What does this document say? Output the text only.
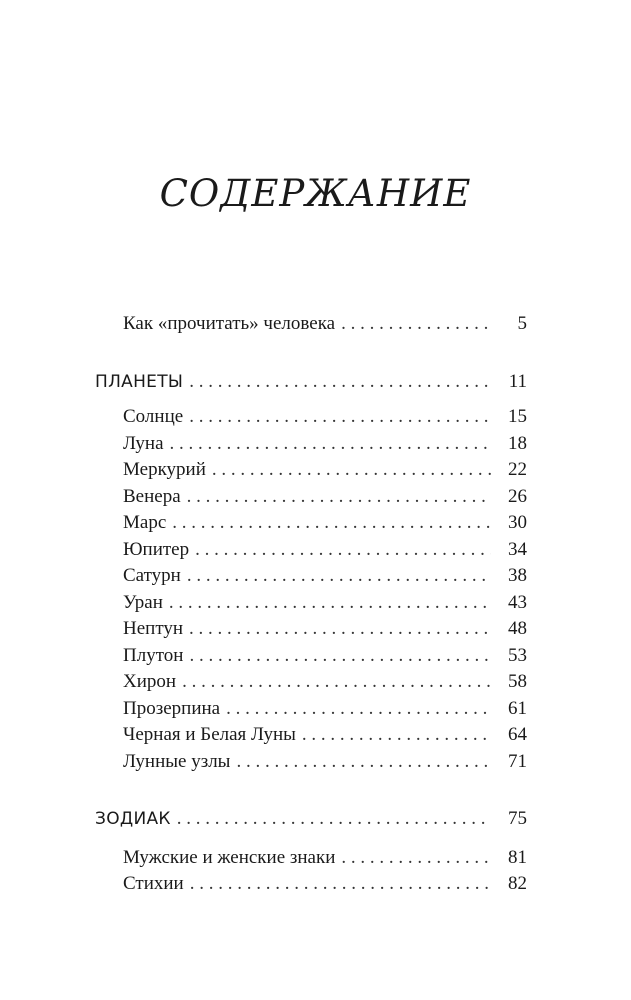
СОДЕРЖАНИЕ
Как «прочитать» человека . . .	5
ПЛАНЕТЫ . . .	11
Солнце . . .	15
Луна . . .	18
Меркурий . . .	22
Венера . . .	26
Марс . . .	30
Юпитер . . .	34
Сатурн . . .	38
Уран . . .	43
Нептун . . .	48
Плутон . . .	53
Хирон . . .	58
Прозерпина . . .	61
Черная и Белая Луны . . .	64
Лунные узлы . . .	71
ЗОДИАК . . .	75
Мужские и женские знаки . . .	81
Стихии . . .	82
